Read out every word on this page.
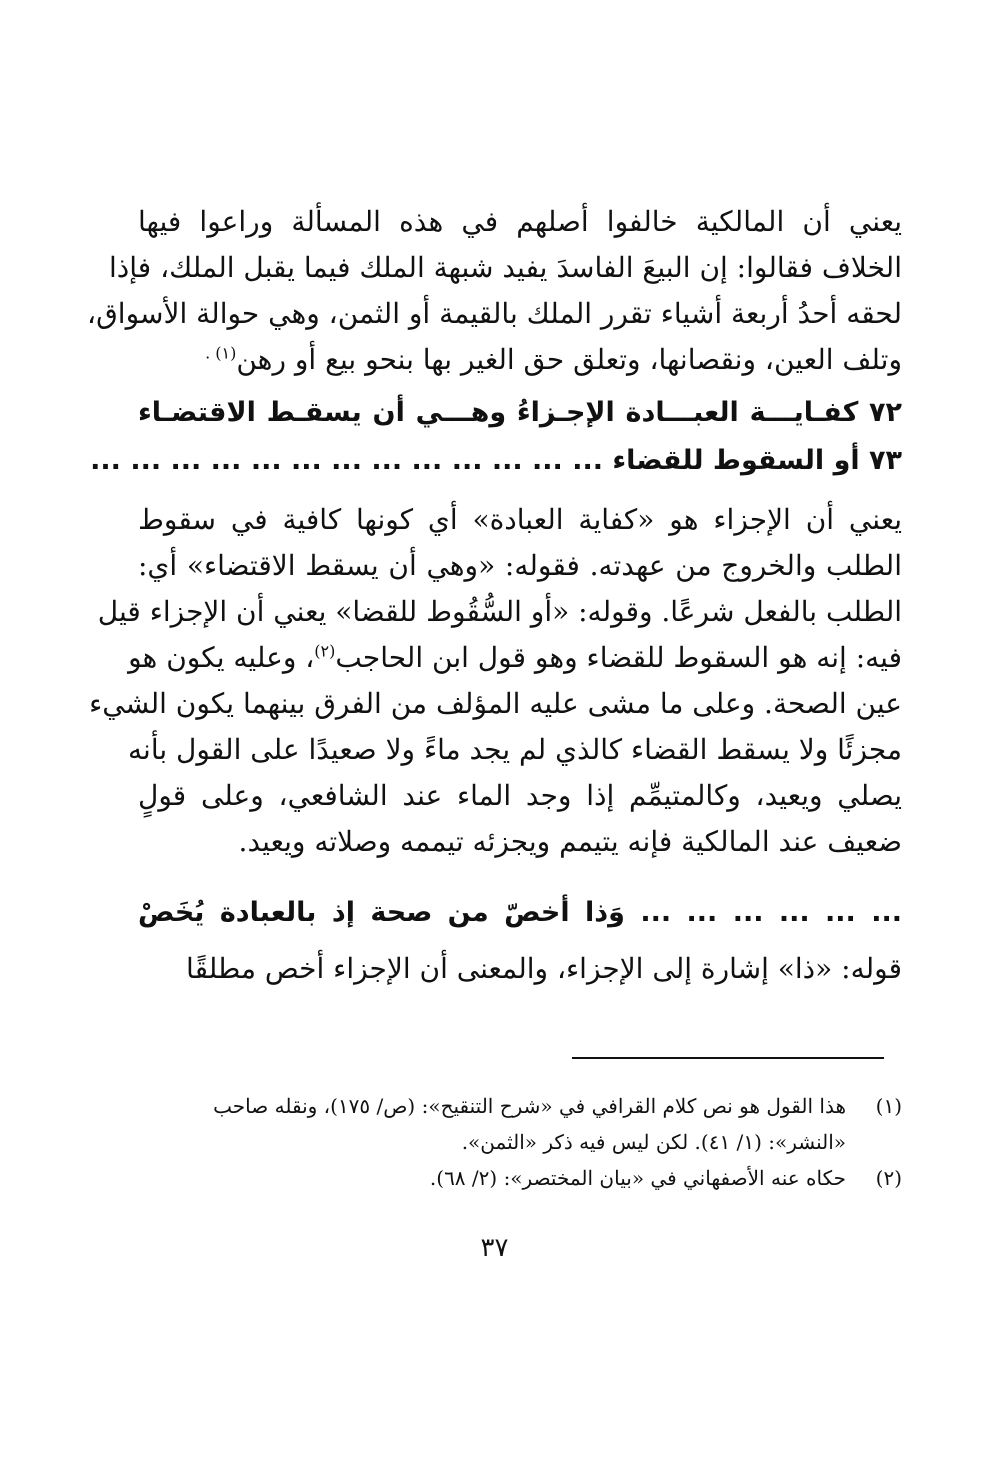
يعني أن المالكية خالفوا أصلهم في هذه المسألة وراعوا فيها
الخلاف فقالوا: إن البيعَ الفاسدَ يفيد شبهة الملك فيما يقبل الملك، فإذا
لحقه أحدُ أربعة أشياء تقرر الملك بالقيمة أو الثمن، وهي حوالة الأسواق،
وتلف العين، ونقصانها، وتعلق حق الغير بها بنحو بيع أو رهن$^{(١) .}$
٧٢ كفـايـــة العبـــادة الإجـزاءُ وهـــي أن يسقـط الاقتضـاء
٧٣ أو السقوط للقضاء ... ... ... ... ... ... ... ... ... ... ... ... ...
يعني أن الإجزاء هو «كفاية العبادة» أي كونها كافية في سقوط
الطلب والخروج من عهدته. فقوله: «وهي أن يسقط الاقتضاء» أي:
الطلب بالفعل شرعًا. وقوله: «أو السُّقُوط للقضا» يعني أن الإجزاء قيل
فيه: إنه هو السقوط للقضاء وهو قول ابن الحاجب$^{(٢)}$، وعليه يكون هو
عين الصحة. وعلى ما مشى عليه المؤلف من الفرق بينهما يكون الشيء
مجزئًا ولا يسقط القضاء كالذي لم يجد ماءً ولا صعيدًا على القول بأنه
يصلي ويعيد، وكالمتيمِّم إذا وجد الماء عند الشافعي، وعلى قولٍ
ضعيف عند المالكية فإنه يتيمم ويجزئه تيممه وصلاته ويعيد.
... ... ... ... ... ... وَذا أخصّ من صحة إذ بالعبادة يُخَصْ
قوله: «ذا» إشارة إلى الإجزاء، والمعنى أن الإجزاء أخص مطلقًا
(١)هذا القول هو نص كلام القرافي في «شرح التنقيح»: (ص/ ١٧٥)، ونقله صاحب
«النشر»: (١/ ٤١). لكن ليس فيه ذكر «الثمن».
(٢)حكاه عنه الأصفهاني في «بيان المختصر»: (٢/ ٦٨).
٣٧
